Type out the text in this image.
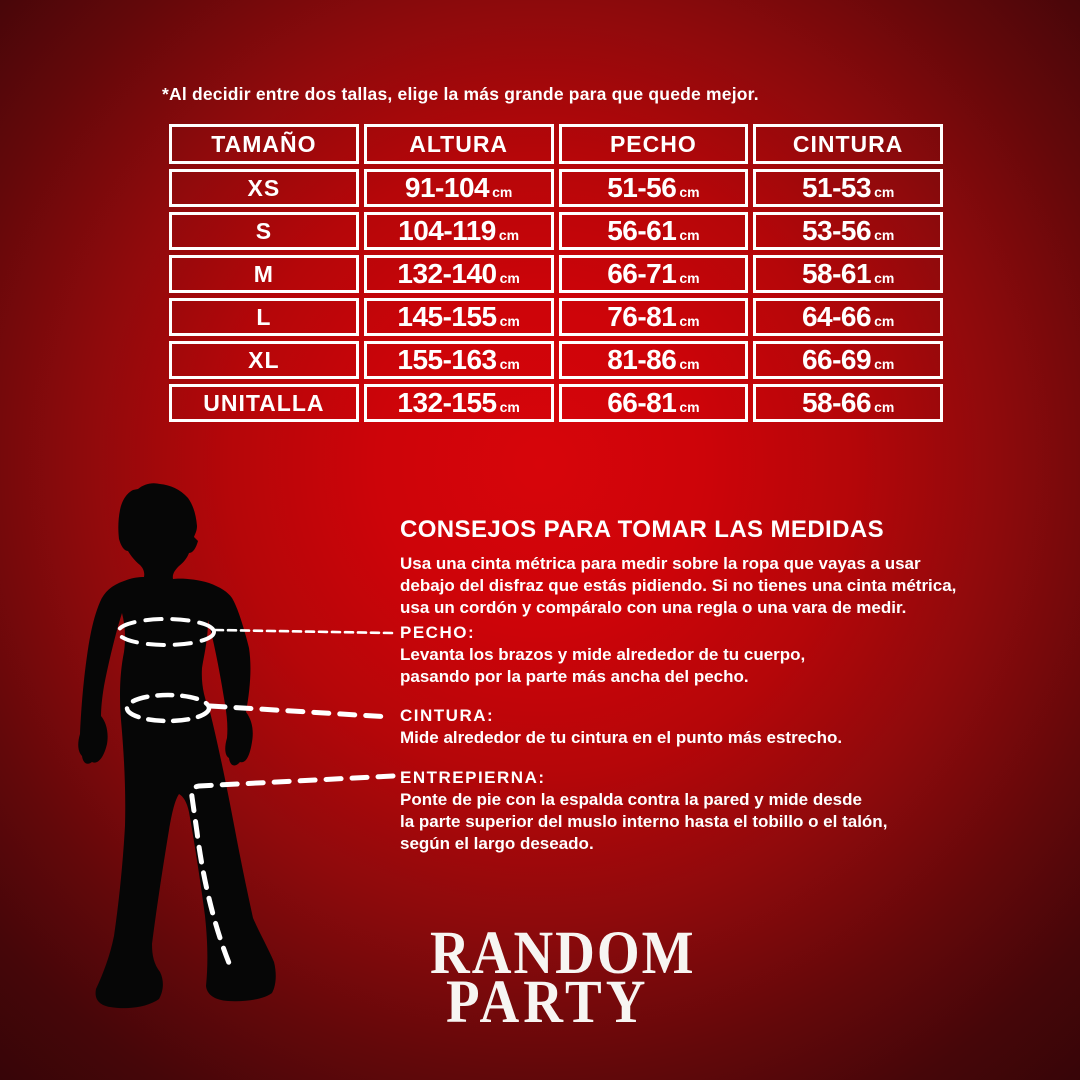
*Al decidir entre dos tallas, elige la más grande para que quede mejor.
TAMAÑO	ALTURA	PECHO	CINTURA
XS	91-104 cm	51-56 cm	51-53 cm
S	104-119 cm	56-61 cm	53-56 cm
M	132-140 cm	66-71 cm	58-61 cm
L	145-155 cm	76-81 cm	64-66 cm
XL	155-163 cm	81-86 cm	66-69 cm
UNITALLA	132-155 cm	66-81 cm	58-66 cm
CONSEJOS PARA TOMAR LAS MEDIDAS
Usa una cinta métrica para medir sobre la ropa que vayas a usar
debajo del disfraz que estás pidiendo. Si no tienes una cinta métrica,
usa un cordón y compáralo con una regla o una vara de medir.
PECHO:
Levanta los brazos y mide alrededor de tu cuerpo,
pasando por la parte más ancha del pecho.
CINTURA:
Mide alrededor de tu cintura en el punto más estrecho.
ENTREPIERNA:
Ponte de pie con la espalda contra la pared y mide desde
la parte superior del muslo interno hasta el tobillo o el talón,
según el largo deseado.
RANDOM
PARTY
